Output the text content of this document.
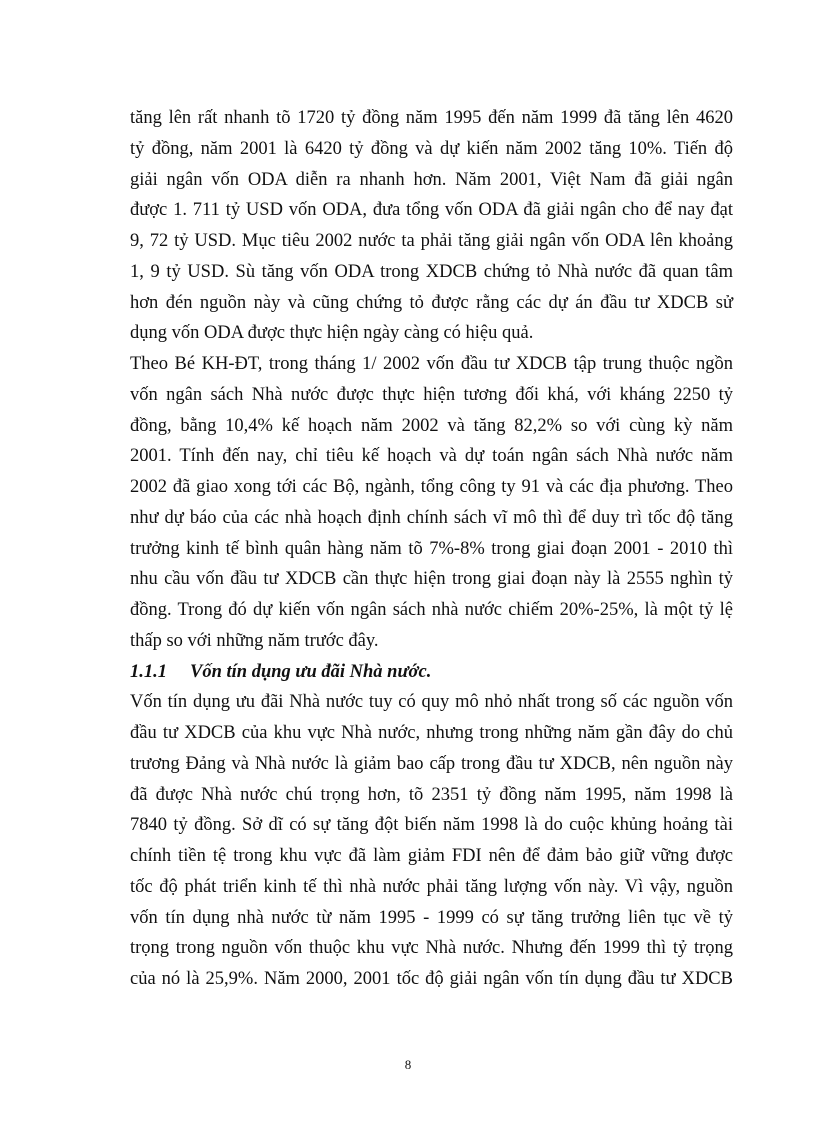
tăng lên rất nhanh tõ 1720 tỷ đồng năm 1995 đến năm 1999 đã tăng lên 4620
tỷ đồng, năm 2001 là 6420 tỷ đồng và dự kiến năm 2002 tăng 10%. Tiến độ
giải ngân vốn ODA diễn ra nhanh hơn. Năm 2001, Việt Nam đã giải ngân
được 1. 711 tỷ USD vốn ODA, đưa tổng vốn ODA đã giải ngân cho để nay đạt
9, 72 tỷ USD. Mục tiêu 2002 nước ta phải tăng giải ngân vốn ODA lên khoảng
1, 9 tỷ USD. Sù tăng vốn ODA trong XDCB chứng tỏ Nhà nước đã quan tâm
hơn đén nguồn này và cũng chứng tỏ được rằng các dự án đầu tư XDCB sử
dụng vốn ODA được thực hiện ngày càng có hiệu quả.
Theo Bé KH-ĐT, trong tháng 1/ 2002 vốn đầu tư XDCB tập trung thuộc ngồn
vốn ngân sách Nhà nước được thực hiện tương đối khá, với kháng 2250 tỷ
đồng, bằng 10,4% kế hoạch năm 2002 và tăng 82,2% so với cùng kỳ năm
2001. Tính đến nay, chỉ tiêu kế hoạch và dự toán ngân sách Nhà nước năm
2002 đã giao xong tới các Bộ, ngành, tổng công ty 91 và các địa phương. Theo
như dự báo của các nhà hoạch định chính sách vĩ mô thì để duy trì tốc độ tăng
trưởng kinh tế bình quân hàng năm tõ 7%-8% trong giai đoạn 2001 - 2010 thì
nhu cầu vốn đầu tư XDCB cần thực hiện trong giai đoạn này là 2555 nghìn tỷ
đồng. Trong đó dự kiến vốn ngân sách nhà nước chiếm 20%-25%, là một tỷ lệ
thấp so với những năm trước đây.
1.1.1 Vốn tín dụng ưu đãi Nhà nước.
Vốn tín dụng ưu đãi Nhà nước tuy có quy mô nhỏ nhất trong số các nguồn vốn
đầu tư XDCB của khu vực Nhà nước, nhưng trong những năm gần đây do chủ
trương Đảng và Nhà nước là giảm bao cấp trong đầu tư XDCB, nên nguồn này
đã được Nhà nước chú trọng hơn, tõ 2351 tỷ đồng năm 1995, năm 1998 là
7840 tỷ đồng. Sở dĩ có sự tăng đột biến năm 1998 là do cuộc khủng hoảng tài
chính tiền tệ trong khu vực đã làm giảm FDI nên để đảm bảo giữ vững được
tốc độ phát triển kinh tế thì nhà nước phải tăng lượng vốn này. Vì vậy, nguồn
vốn tín dụng nhà nước từ năm 1995 - 1999 có sự tăng trưởng liên tục về tỷ
trọng trong nguồn vốn thuộc khu vực Nhà nước. Nhưng đến 1999 thì tỷ trọng
của nó là 25,9%. Năm 2000, 2001 tốc độ giải ngân vốn tín dụng đầu tư XDCB
8
